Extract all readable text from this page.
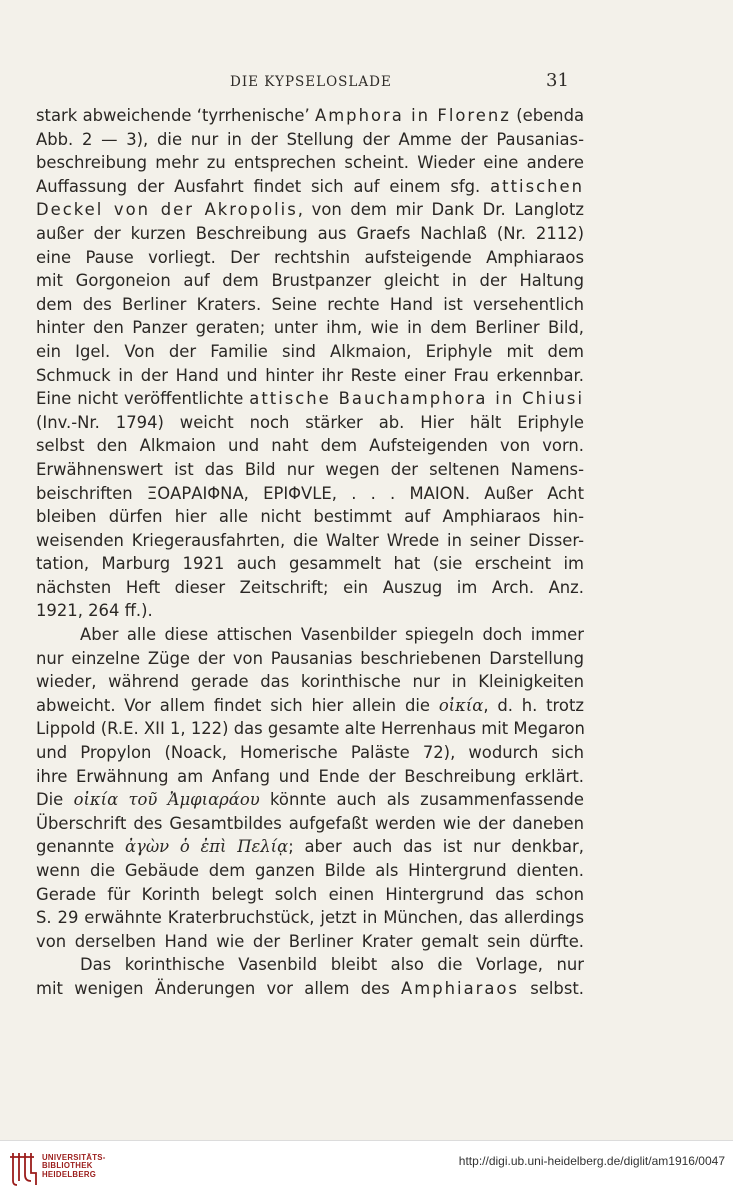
DIE KYPSELOSLADE	31
stark abweichende ‘tyrrhenische’ Amphora in Florenz (ebenda
Abb. 2 — 3), die nur in der Stellung der Amme der Pausanias-
beschreibung mehr zu entsprechen scheint. Wieder eine andere
Auffassung der Ausfahrt findet sich auf einem sfg. attischen
Deckel von der Akropolis, von dem mir Dank Dr. Langlotz
außer der kurzen Beschreibung aus Graefs Nachlaß (Nr. 2112)
eine Pause vorliegt. Der rechtshin aufsteigende Amphiaraos
mit Gorgoneion auf dem Brustpanzer gleicht in der Haltung
dem des Berliner Kraters. Seine rechte Hand ist versehentlich
hinter den Panzer geraten; unter ihm, wie in dem Berliner Bild,
ein Igel. Von der Familie sind Alkmaion, Eriphyle mit dem
Schmuck in der Hand und hinter ihr Reste einer Frau erkennbar.
Eine nicht veröffentlichte attische Bauchamphora in Chiusi
(Inv.-Nr. 1794) weicht noch stärker ab. Hier hält Eriphyle
selbst den Alkmaion und naht dem Aufsteigenden von vorn.
Erwähnenswert ist das Bild nur wegen der seltenen Namens-
beischriften ΞΟΑΡΑΙΦΝΑ, ΕΡΙΦVLΕ, . . . ΜΑΙΟΝ. Außer Acht
bleiben dürfen hier alle nicht bestimmt auf Amphiaraos hin-
weisenden Kriegerausfahrten, die Walter Wrede in seiner Disser-
tation, Marburg 1921 auch gesammelt hat (sie erscheint im
nächsten Heft dieser Zeitschrift; ein Auszug im Arch. Anz.
1921, 264 ff.).
Aber alle diese attischen Vasenbilder spiegeln doch immer
nur einzelne Züge der von Pausanias beschriebenen Darstellung
wieder, während gerade das korinthische nur in Kleinigkeiten
abweicht. Vor allem findet sich hier allein die οἰκία, d. h. trotz
Lippold (R.E. XII 1, 122) das gesamte alte Herrenhaus mit Megaron
und Propylon (Noack, Homerische Paläste 72), wodurch sich
ihre Erwähnung am Anfang und Ende der Beschreibung erklärt.
Die οἰκία τοῦ Ἀμφιαράου könnte auch als zusammenfassende
Überschrift des Gesamtbildes aufgefaßt werden wie der daneben
genannte ἀγὼν ὁ ἐπὶ Πελίᾳ; aber auch das ist nur denkbar,
wenn die Gebäude dem ganzen Bilde als Hintergrund dienten.
Gerade für Korinth belegt solch einen Hintergrund das schon
S. 29 erwähnte Kraterbruchstück, jetzt in München, das allerdings
von derselben Hand wie der Berliner Krater gemalt sein dürfte.
Das korinthische Vasenbild bleibt also die Vorlage, nur
mit wenigen Änderungen vor allem des Amphiaraos selbst.
UNIVERSITÄTS-
BIBLIOTHEK
HEIDELBERG
http://digi.ub.uni-heidelberg.de/diglit/am1916/0047
